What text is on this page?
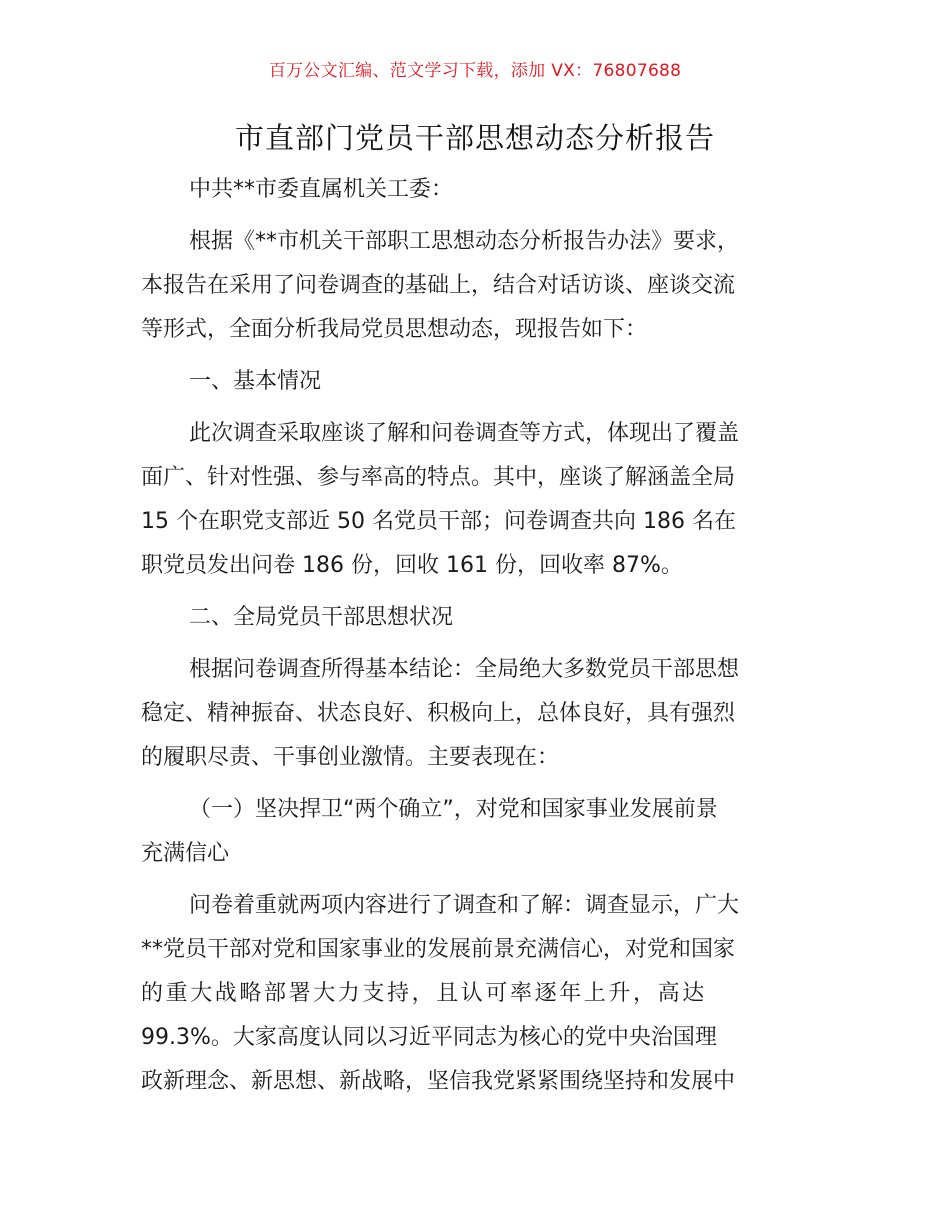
百万公文汇编、范文学习下载，添加 VX：76807688
市直部门党员干部思想动态分析报告
中共**市委直属机关工委：
根据《**市机关干部职工思想动态分析报告办法》要求，
本报告在采用了问卷调查的基础上，结合对话访谈、座谈交流
等形式，全面分析我局党员思想动态，现报告如下：
一、基本情况
此次调查采取座谈了解和问卷调查等方式，体现出了覆盖
面广、针对性强、参与率高的特点。其中，座谈了解涵盖全局
15 个在职党支部近 50 名党员干部；问卷调查共向 186 名在
职党员发出问卷 186 份，回收 161 份，回收率 87%。
二、全局党员干部思想状况
根据问卷调查所得基本结论：全局绝大多数党员干部思想
稳定、精神振奋、状态良好、积极向上，总体良好，具有强烈
的履职尽责、干事创业激情。主要表现在：
（一）坚决捍卫“两个确立”，对党和国家事业发展前景
充满信心
问卷着重就两项内容进行了调查和了解：调查显示，广大
**党员干部对党和国家事业的发展前景充满信心，对党和国家
的重大战略部署大力支持，且认可率逐年上升，高达
99.3%。大家高度认同以习近平同志为核心的党中央治国理
政新理念、新思想、新战略，坚信我党紧紧围绕坚持和发展中
